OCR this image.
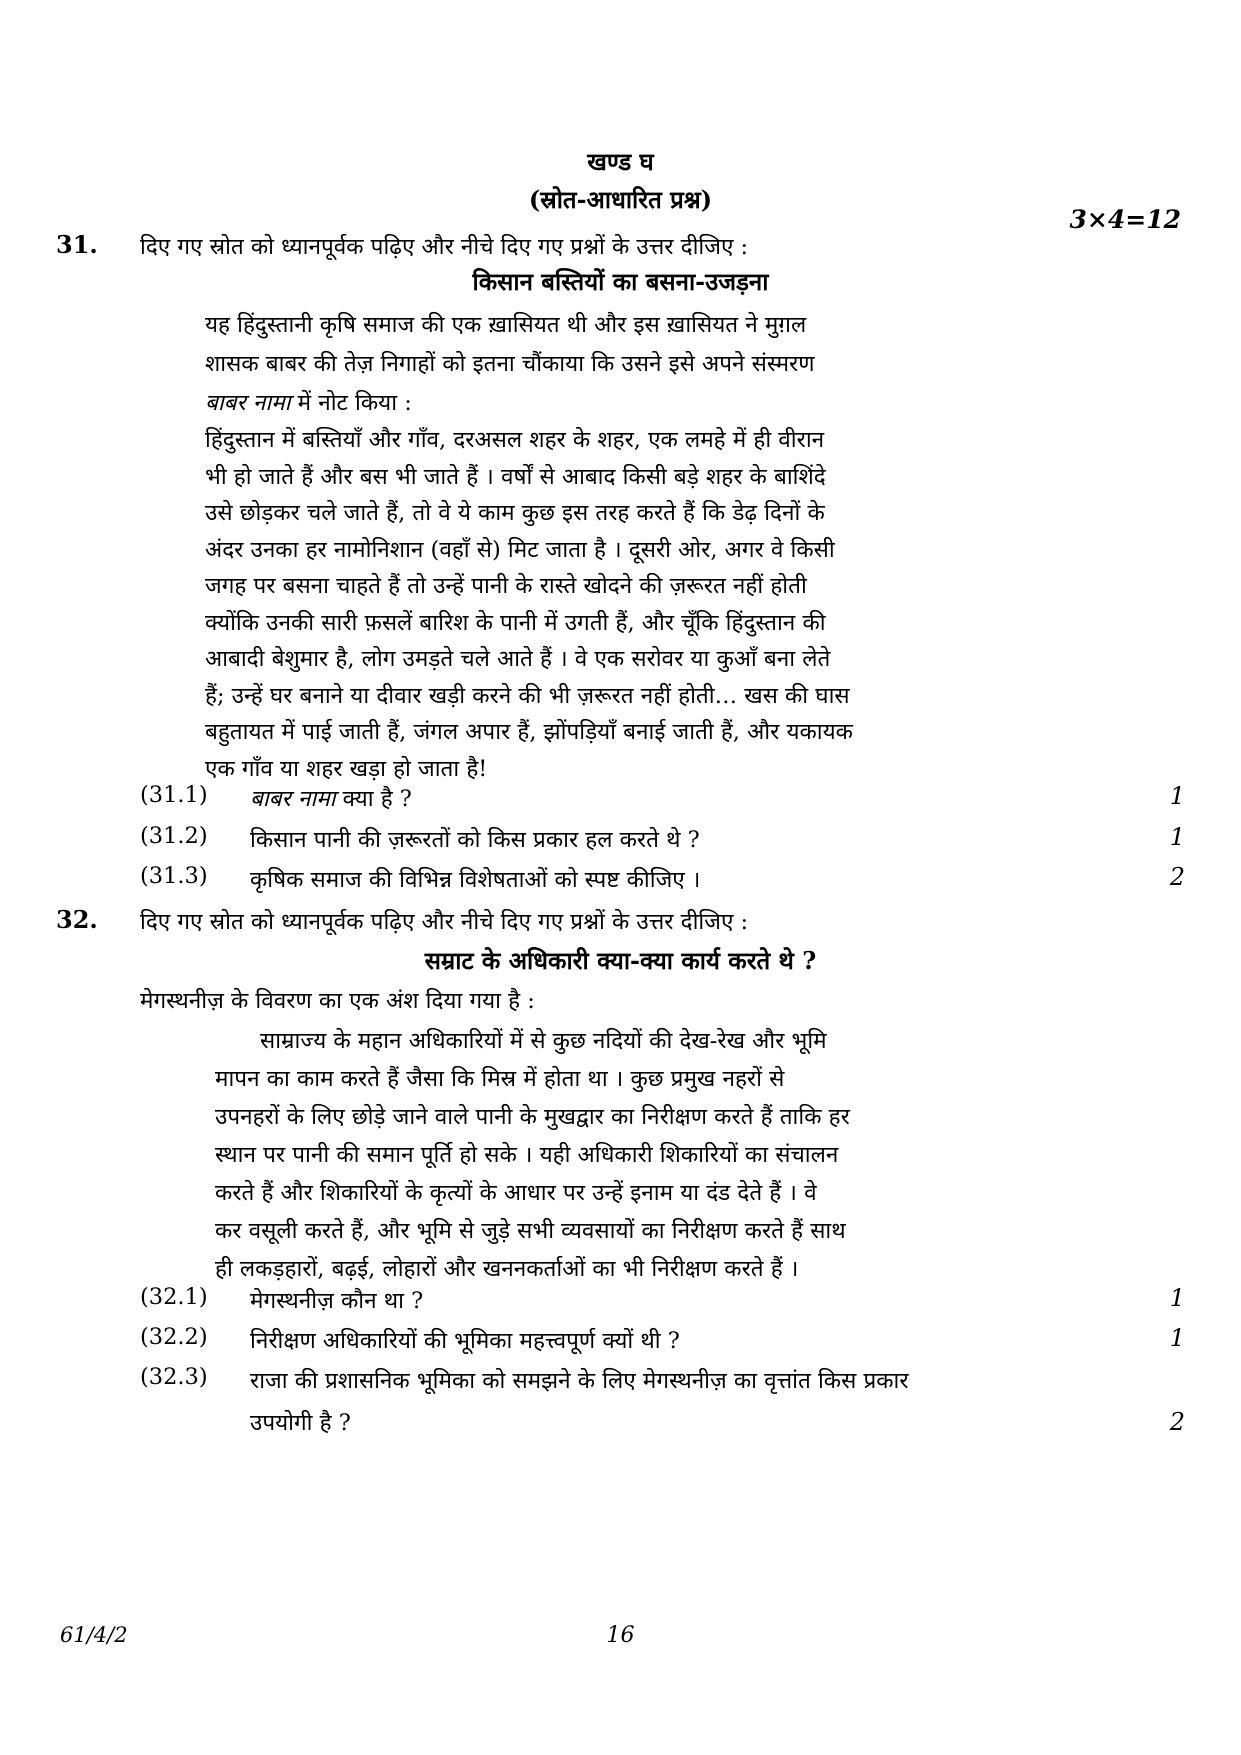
खण्ड घ
(स्रोत-आधारित प्रश्न)
3×4=12
31. दिए गए स्रोत को ध्यानपूर्वक पढ़िए और नीचे दिए गए प्रश्नों के उत्तर दीजिए :
किसान बस्तियों का बसना-उजड़ना
यह हिंदुस्तानी कृषि समाज की एक ख़ासियत थी और इस ख़ासियत ने मुग़ल
शासक बाबर की तेज़ निगाहों को इतना चौंकाया कि उसने इसे अपने संस्मरण
बाबर नामा में नोट किया :
हिंदुस्तान में बस्तियाँ और गाँव, दरअसल शहर के शहर, एक लमहे में ही वीरान
भी हो जाते हैं और बस भी जाते हैं । वर्षों से आबाद किसी बड़े शहर के बाशिंदे
उसे छोड़कर चले जाते हैं, तो वे ये काम कुछ इस तरह करते हैं कि डेढ़ दिनों के
अंदर उनका हर नामोनिशान (वहाँ से) मिट जाता है । दूसरी ओर, अगर वे किसी
जगह पर बसना चाहते हैं तो उन्हें पानी के रास्ते खोदने की ज़रूरत नहीं होती
क्योंकि उनकी सारी फ़सलें बारिश के पानी में उगती हैं, और चूँकि हिंदुस्तान की
आबादी बेशुमार है, लोग उमड़ते चले आते हैं । वे एक सरोवर या कुआँ बना लेते
हैं; उन्हें घर बनाने या दीवार खड़ी करने की भी ज़रूरत नहीं होती… खस की घास
बहुतायत में पाई जाती हैं, जंगल अपार हैं, झोंपड़ियाँ बनाई जाती हैं, और यकायक
एक गाँव या शहर खड़ा हो जाता है!
(31.1) बाबर नामा क्या है ?	1
(31.2) किसान पानी की ज़रूरतों को किस प्रकार हल करते थे ?	1
(31.3) कृषिक समाज की विभिन्न विशेषताओं को स्पष्ट कीजिए ।	2
32. दिए गए स्रोत को ध्यानपूर्वक पढ़िए और नीचे दिए गए प्रश्नों के उत्तर दीजिए :
सम्राट के अधिकारी क्या-क्या कार्य करते थे ?
मेगस्थनीज़ के विवरण का एक अंश दिया गया है :
साम्राज्य के महान अधिकारियों में से कुछ नदियों की देख-रेख और भूमि
मापन का काम करते हैं जैसा कि मिस्र में होता था । कुछ प्रमुख नहरों से
उपनहरों के लिए छोड़े जाने वाले पानी के मुखद्वार का निरीक्षण करते हैं ताकि हर
स्थान पर पानी की समान पूर्ति हो सके । यही अधिकारी शिकारियों का संचालन
करते हैं और शिकारियों के कृत्यों के आधार पर उन्हें इनाम या दंड देते हैं । वे
कर वसूली करते हैं, और भूमि से जुड़े सभी व्यवसायों का निरीक्षण करते हैं साथ
ही लकड़हारों, बढ़ई, लोहारों और खननकर्ताओं का भी निरीक्षण करते हैं ।
(32.1) मेगस्थनीज़ कौन था ?	1
(32.2) निरीक्षण अधिकारियों की भूमिका महत्त्वपूर्ण क्यों थी ?	1
(32.3) राजा की प्रशासनिक भूमिका को समझने के लिए मेगस्थनीज़ का वृत्तांत किस प्रकार
उपयोगी है ?	2
61/4/2	16
